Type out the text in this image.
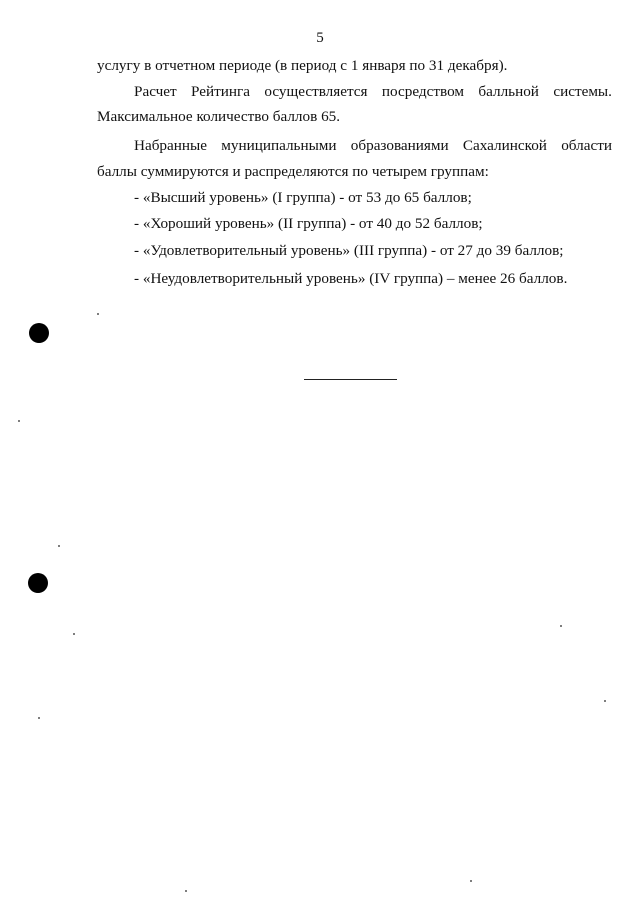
5
услугу в отчетном периоде (в период с 1 января по 31 декабря).
Расчет Рейтинга осуществляется посредством балльной системы.
Максимальное количество баллов 65.
Набранные муниципальными образованиями Сахалинской области
баллы суммируются и распределяются по четырем группам:
- «Высший уровень» (I группа) - от 53 до 65 баллов;
- «Хороший уровень» (II группа) - от 40 до 52 баллов;
- «Удовлетворительный уровень» (III группа) - от 27 до 39 баллов;
- «Неудовлетворительный уровень» (IV группа) – менее 26 баллов.
